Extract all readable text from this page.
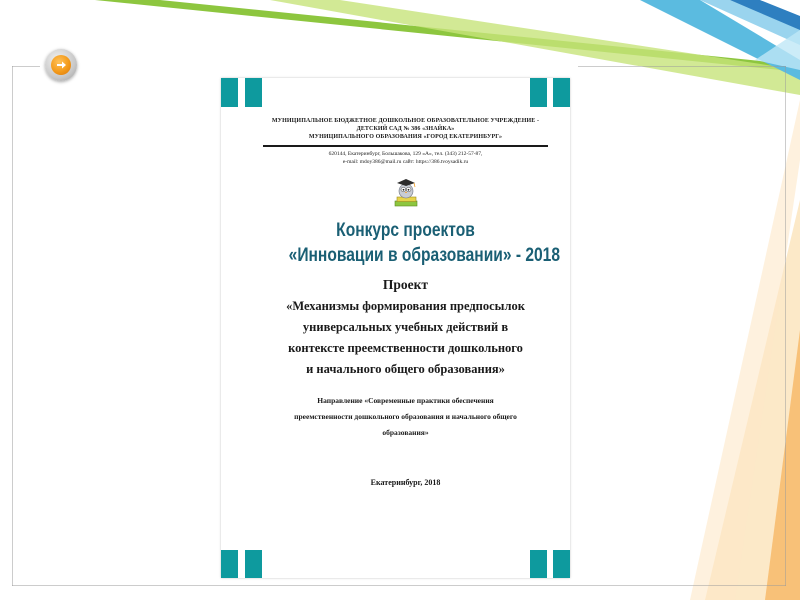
МУНИЦИПАЛЬНОЕ БЮДЖЕТНОЕ ДОШКОЛЬНОЕ ОБРАЗОВАТЕЛЬНОЕ УЧРЕЖДЕНИЕ -
ДЕТСКИЙ САД № 386 «ЗНАЙКА»
МУНИЦИПАЛЬНОГО ОБРАЗОВАНИЯ «ГОРОД ЕКАТЕРИНБУРГ»
620144, Екатеринбург, Большакова, 129 «А», тел. (343) 212-57-87,
e-mail: mdoy386@mail.ru сайт: https://386.tvoysadik.ru
Конкурс проектов
«Инновации в образовании» - 2018
Проект
«Механизмы формирования предпосылок
универсальных учебных действий в
контексте преемственности дошкольного
и начального общего образования»
Направление «Современные практики обеспечения
преемственности дошкольного образования и начального общего
образования»
Екатеринбург, 2018
